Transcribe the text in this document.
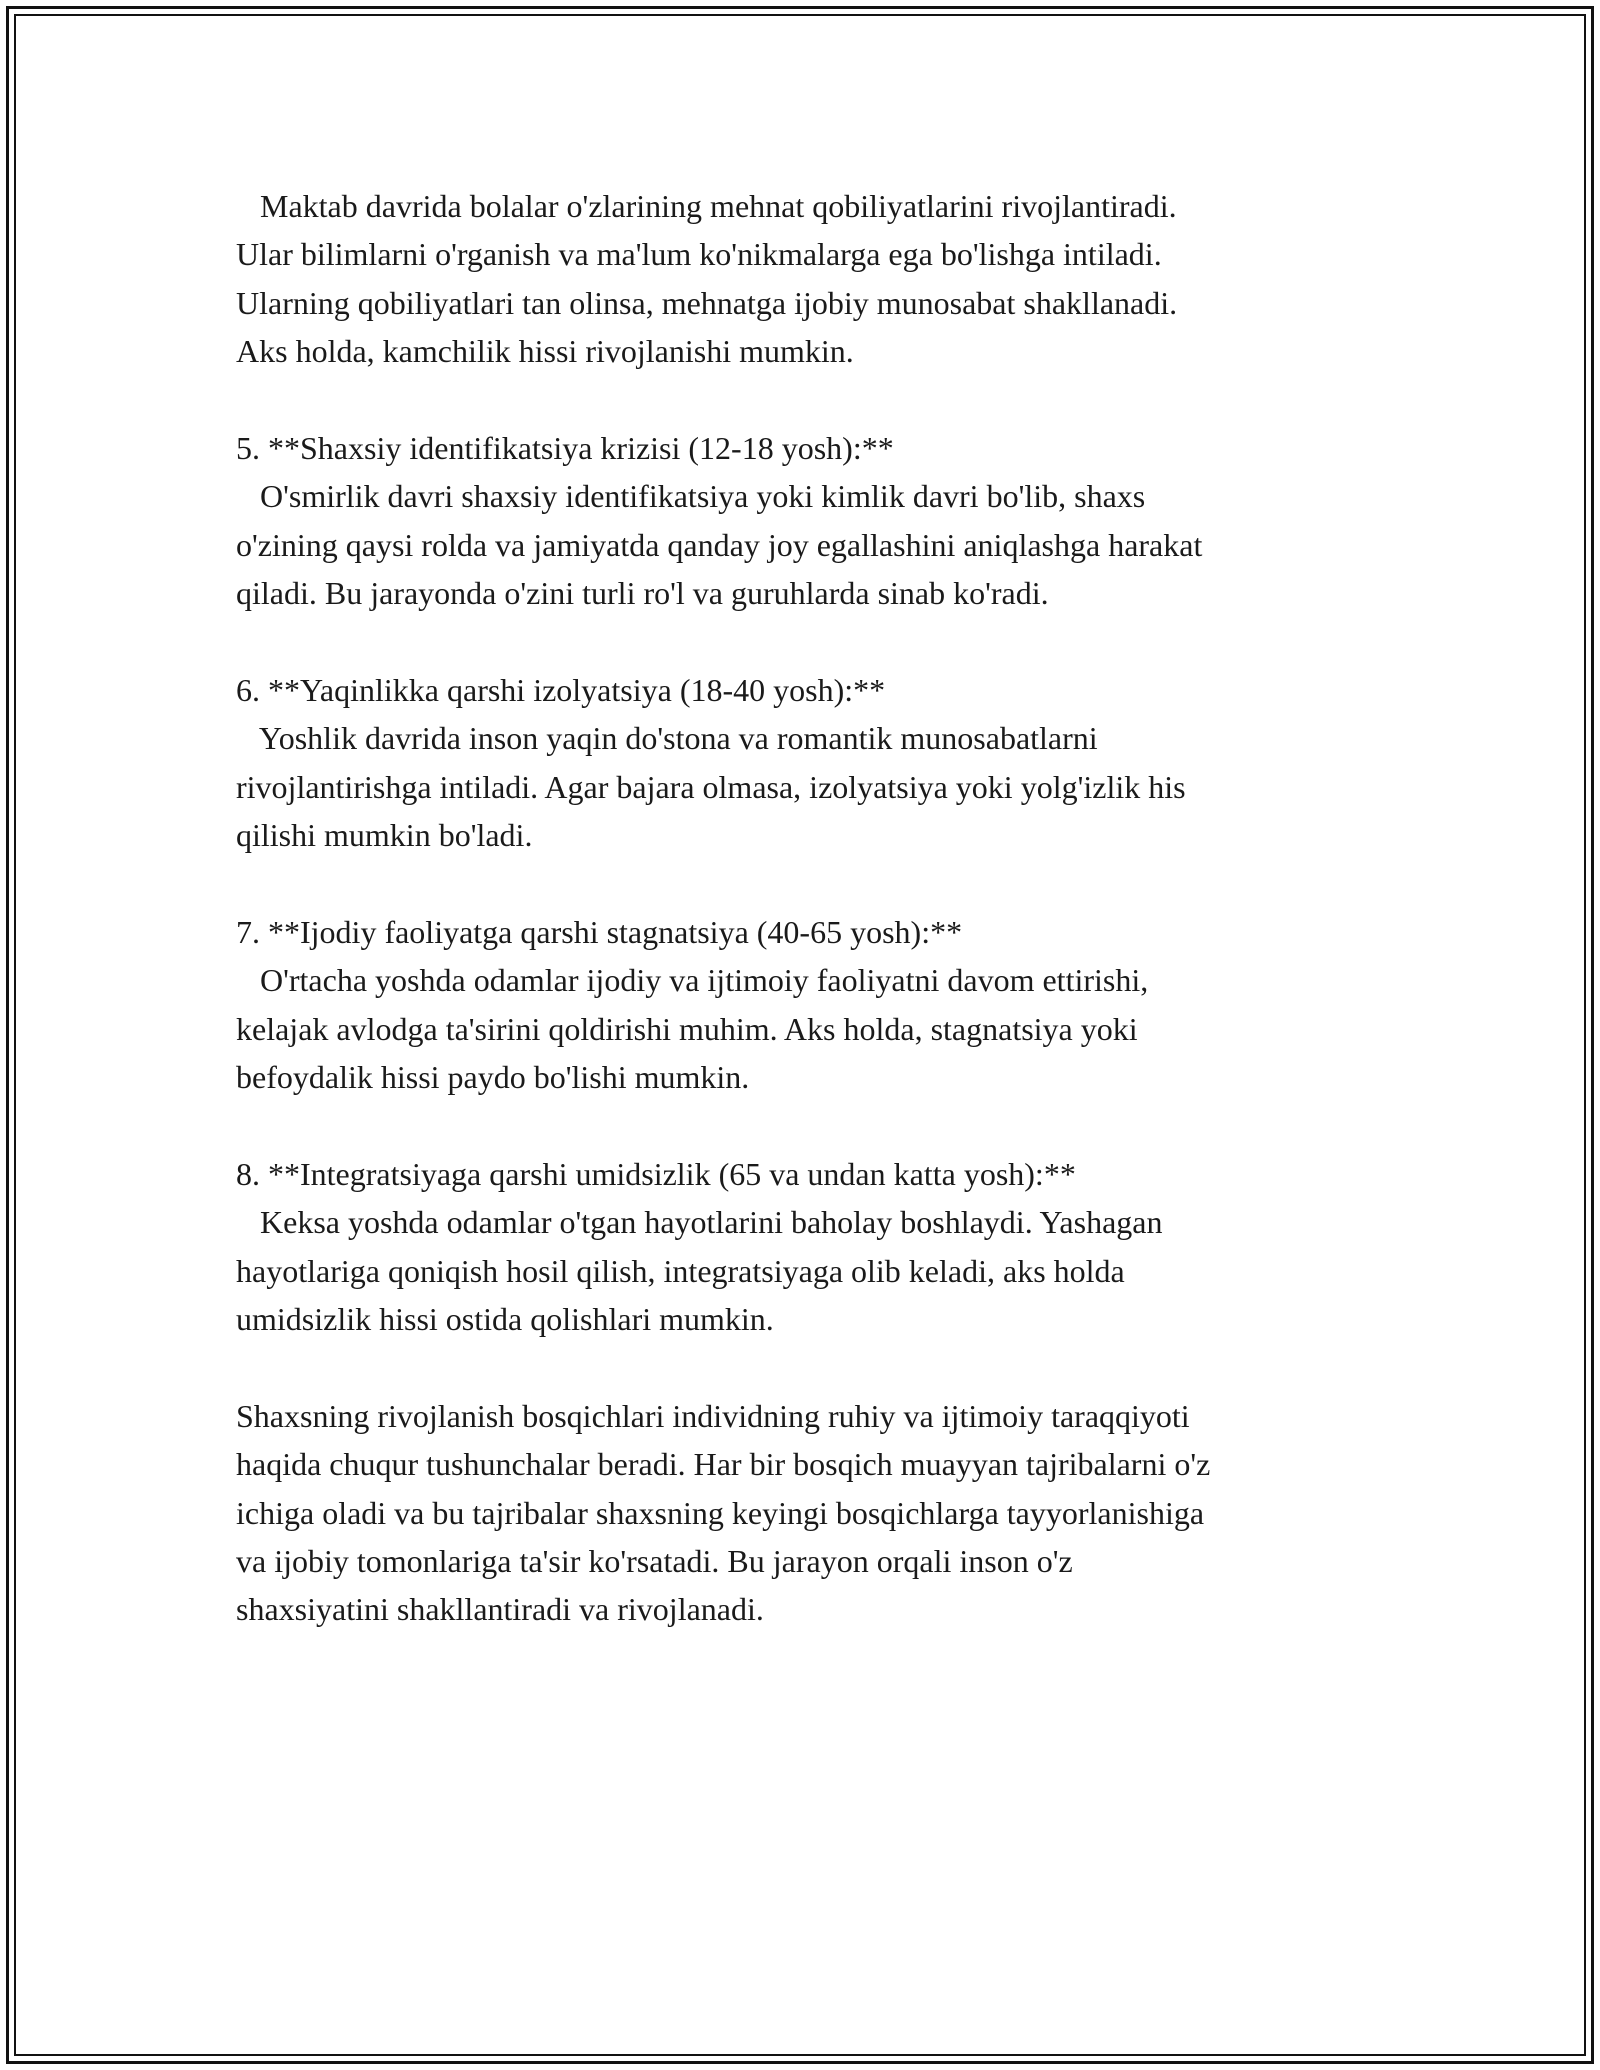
Maktab davrida bolalar o'zlarining mehnat qobiliyatlarini rivojlantiradi.
Ular bilimlarni o'rganish va ma'lum ko'nikmalarga ega bo'lishga intiladi.
Ularning qobiliyatlari tan olinsa, mehnatga ijobiy munosabat shakllanadi.
Aks holda, kamchilik hissi rivojlanishi mumkin.
5. **Shaxsiy identifikatsiya krizisi (12-18 yosh):**
O'smirlik davri shaxsiy identifikatsiya yoki kimlik davri bo'lib, shaxs
o'zining qaysi rolda va jamiyatda qanday joy egallashini aniqlashga harakat
qiladi. Bu jarayonda o'zini turli ro'l va guruhlarda sinab ko'radi.
6. **Yaqinlikka qarshi izolyatsiya (18-40 yosh):**
Yoshlik davrida inson yaqin do'stona va romantik munosabatlarni
rivojlantirishga intiladi. Agar bajara olmasa, izolyatsiya yoki yolg'izlik his
qilishi mumkin bo'ladi.
7. **Ijodiy faoliyatga qarshi stagnatsiya (40-65 yosh):**
O'rtacha yoshda odamlar ijodiy va ijtimoiy faoliyatni davom ettirishi,
kelajak avlodga ta'sirini qoldirishi muhim. Aks holda, stagnatsiya yoki
befoydalik hissi paydo bo'lishi mumkin.
8. **Integratsiyaga qarshi umidsizlik (65 va undan katta yosh):**
Keksa yoshda odamlar o'tgan hayotlarini baholay boshlaydi. Yashagan
hayotlariga qoniqish hosil qilish, integratsiyaga olib keladi, aks holda
umidsizlik hissi ostida qolishlari mumkin.
Shaxsning rivojlanish bosqichlari individning ruhiy va ijtimoiy taraqqiyoti
haqida chuqur tushunchalar beradi. Har bir bosqich muayyan tajribalarni o'z
ichiga oladi va bu tajribalar shaxsning keyingi bosqichlarga tayyorlanishiga
va ijobiy tomonlariga ta'sir ko'rsatadi. Bu jarayon orqali inson o'z
shaxsiyatini shakllantiradi va rivojlanadi.
